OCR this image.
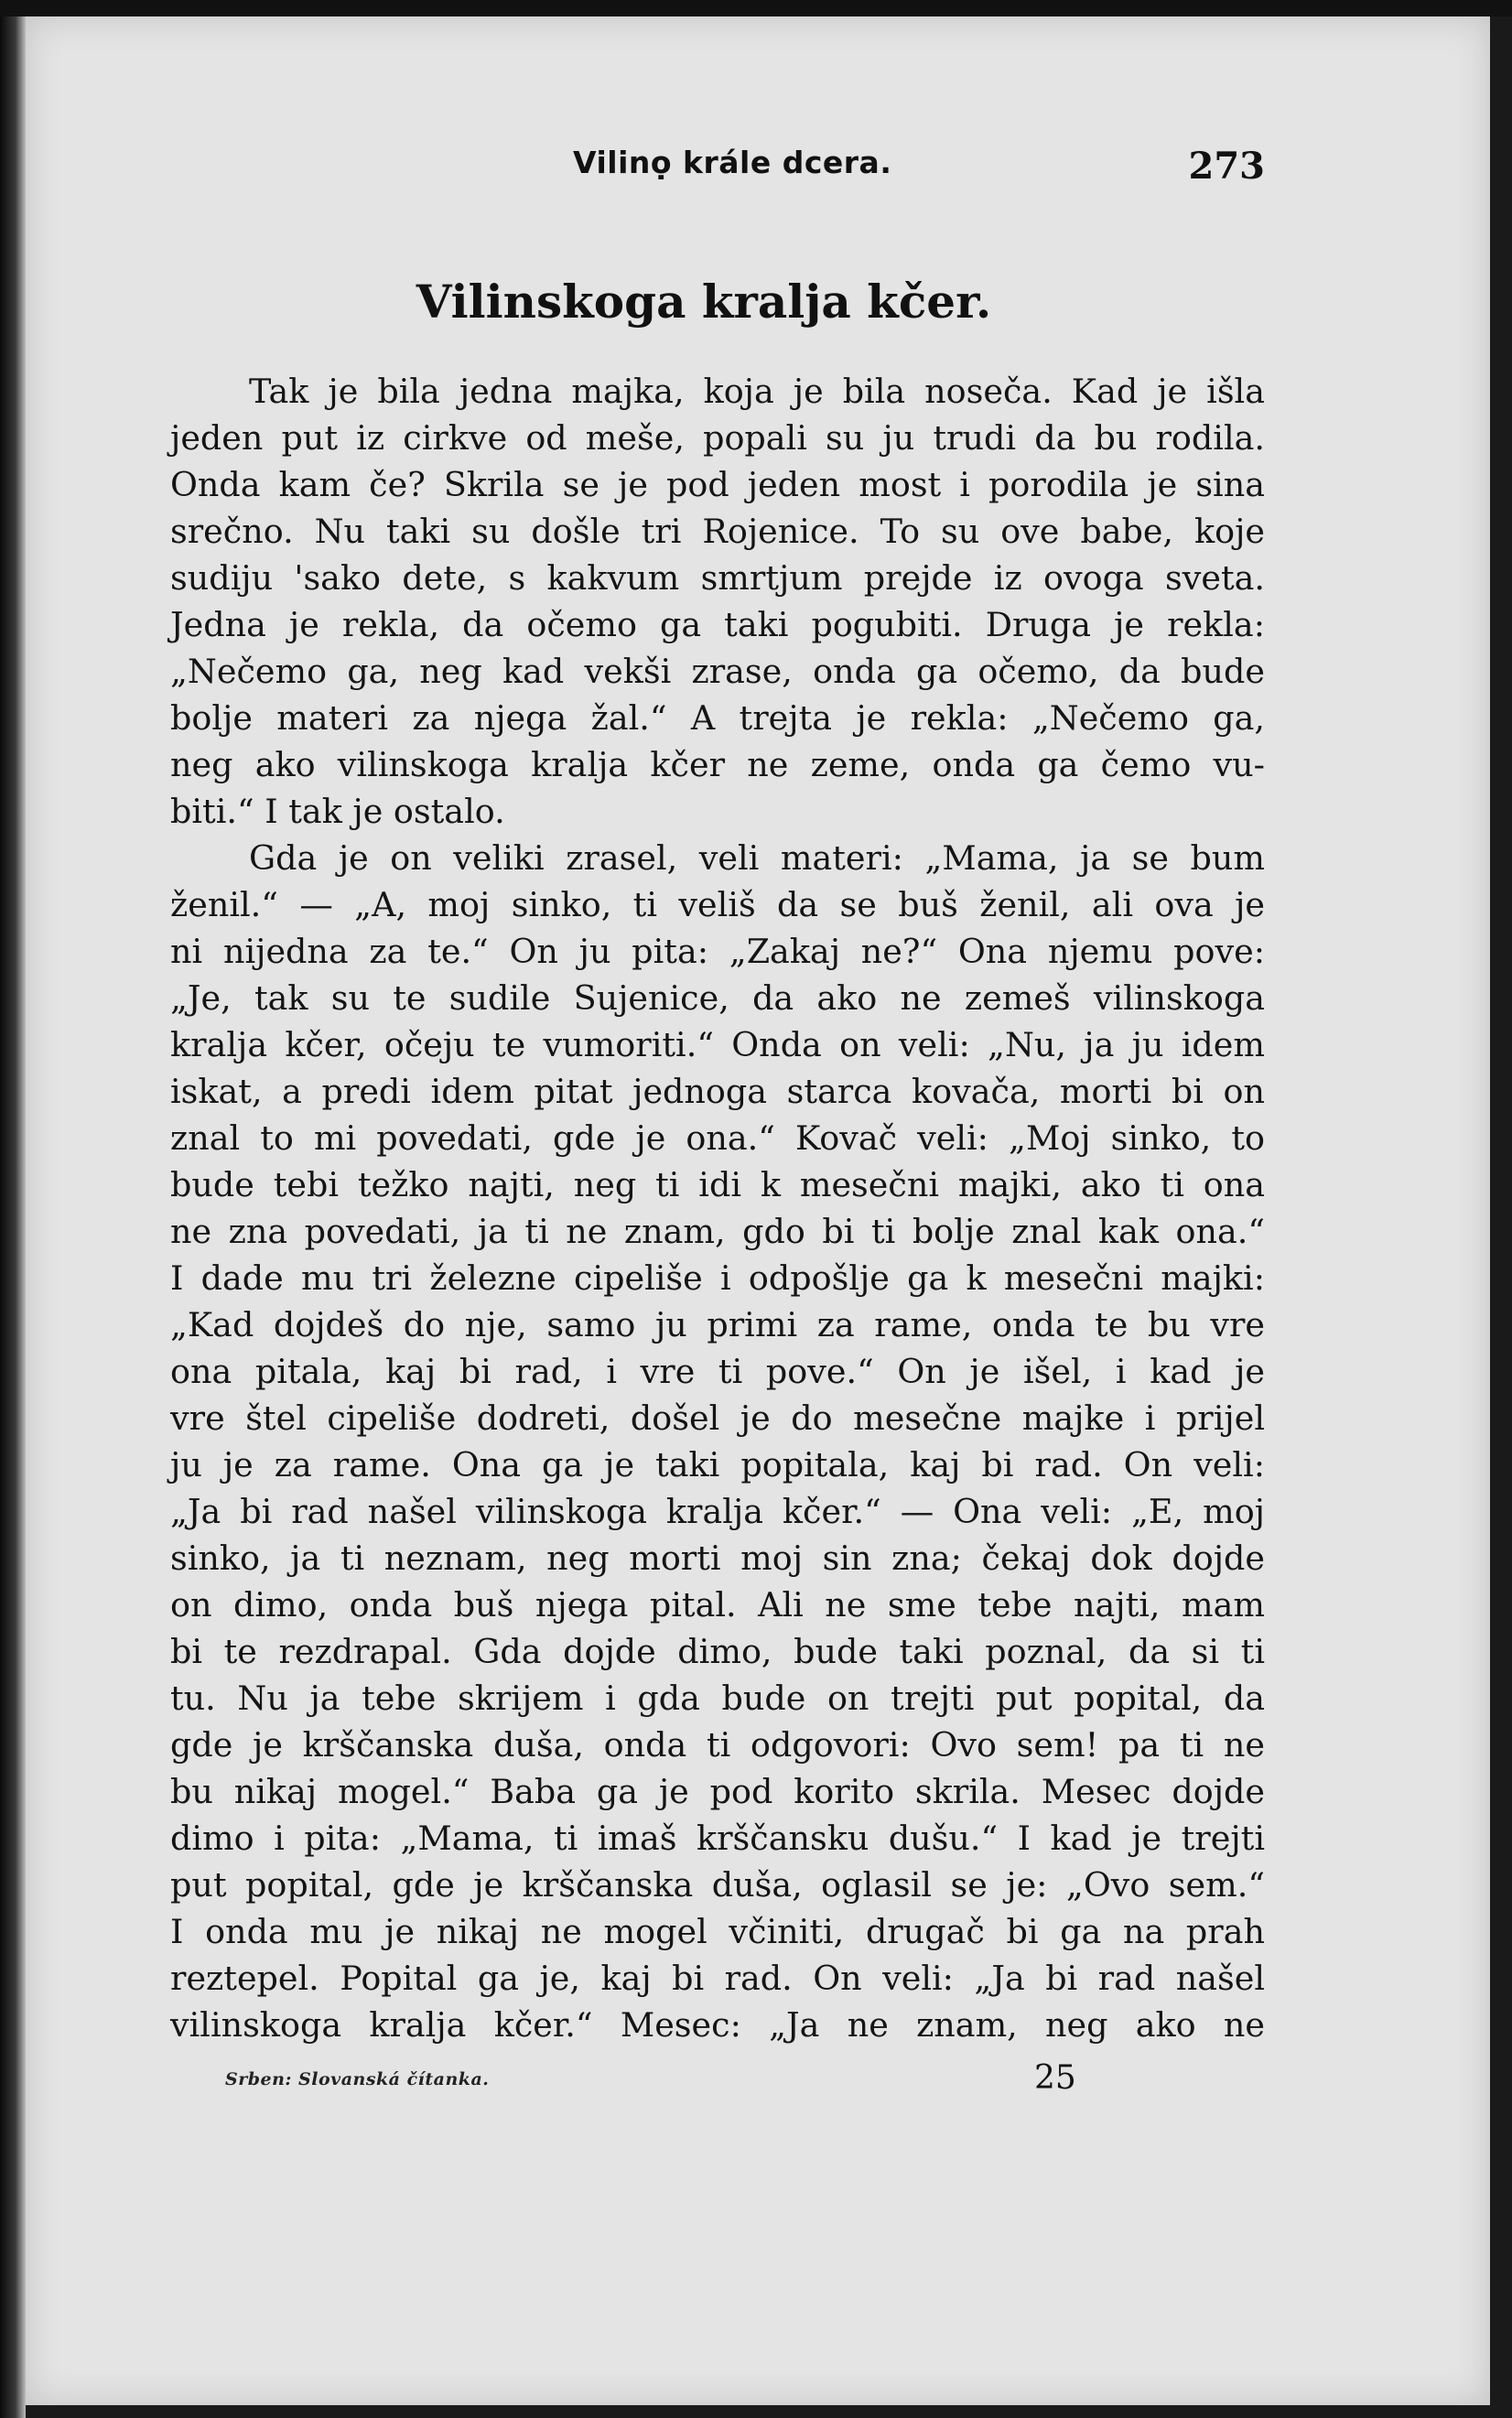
Vilinọ krále dcera.	273
Vilinskoga kralja kčer.
Tak je bila jedna majka, koja je bila noseča. Kad je išla
jeden put iz cirkve od meše, popali su ju trudi da bu rodila.
Onda kam če? Skrila se je pod jeden most i porodila je sina
srečno. Nu taki su došle tri Rojenice. To su ove babe, koje
sudiju 'sako dete, s kakvum smrtjum prejde iz ovoga sveta.
Jedna je rekla, da očemo ga taki pogubiti. Druga je rekla:
„Nečemo ga, neg kad vekši zrase, onda ga očemo, da bude
bolje materi za njega žal.“ A trejta je rekla: „Nečemo ga,
neg ako vilinskoga kralja kčer ne zeme, onda ga čemo vu-
biti.“ I tak je ostalo.
Gda je on veliki zrasel, veli materi: „Mama, ja se bum
ženil.“ — „A, moj sinko, ti veliš da se buš ženil, ali ova je
ni nijedna za te.“ On ju pita: „Zakaj ne?“ Ona njemu pove:
„Je, tak su te sudile Sujenice, da ako ne zemeš vilinskoga
kralja kčer, očeju te vumoriti.“ Onda on veli: „Nu, ja ju idem
iskat, a predi idem pitat jednoga starca kovača, morti bi on
znal to mi povedati, gde je ona.“ Kovač veli: „Moj sinko, to
bude tebi težko najti, neg ti idi k mesečni majki, ako ti ona
ne zna povedati, ja ti ne znam, gdo bi ti bolje znal kak ona.“
I dade mu tri železne cipeliše i odpošlje ga k mesečni majki:
„Kad dojdeš do nje, samo ju primi za rame, onda te bu vre
ona pitala, kaj bi rad, i vre ti pove.“ On je išel, i kad je
vre štel cipeliše dodreti, došel je do mesečne majke i prijel
ju je za rame. Ona ga je taki popitala, kaj bi rad. On veli:
„Ja bi rad našel vilinskoga kralja kčer.“ — Ona veli: „E, moj
sinko, ja ti neznam, neg morti moj sin zna; čekaj dok dojde
on dimo, onda buš njega pital. Ali ne sme tebe najti, mam
bi te rezdrapal. Gda dojde dimo, bude taki poznal, da si ti
tu. Nu ja tebe skrijem i gda bude on trejti put popital, da
gde je krščanska duša, onda ti odgovori: Ovo sem! pa ti ne
bu nikaj mogel.“ Baba ga je pod korito skrila. Mesec dojde
dimo i pita: „Mama, ti imaš krščansku dušu.“ I kad je trejti
put popital, gde je krščanska duša, oglasil se je: „Ovo sem.“
I onda mu je nikaj ne mogel včiniti, drugač bi ga na prah
reztepel. Popital ga je, kaj bi rad. On veli: „Ja bi rad našel
vilinskoga kralja kčer.“ Mesec: „Ja ne znam, neg ako ne
Srben: Slovanská čítanka.	25
